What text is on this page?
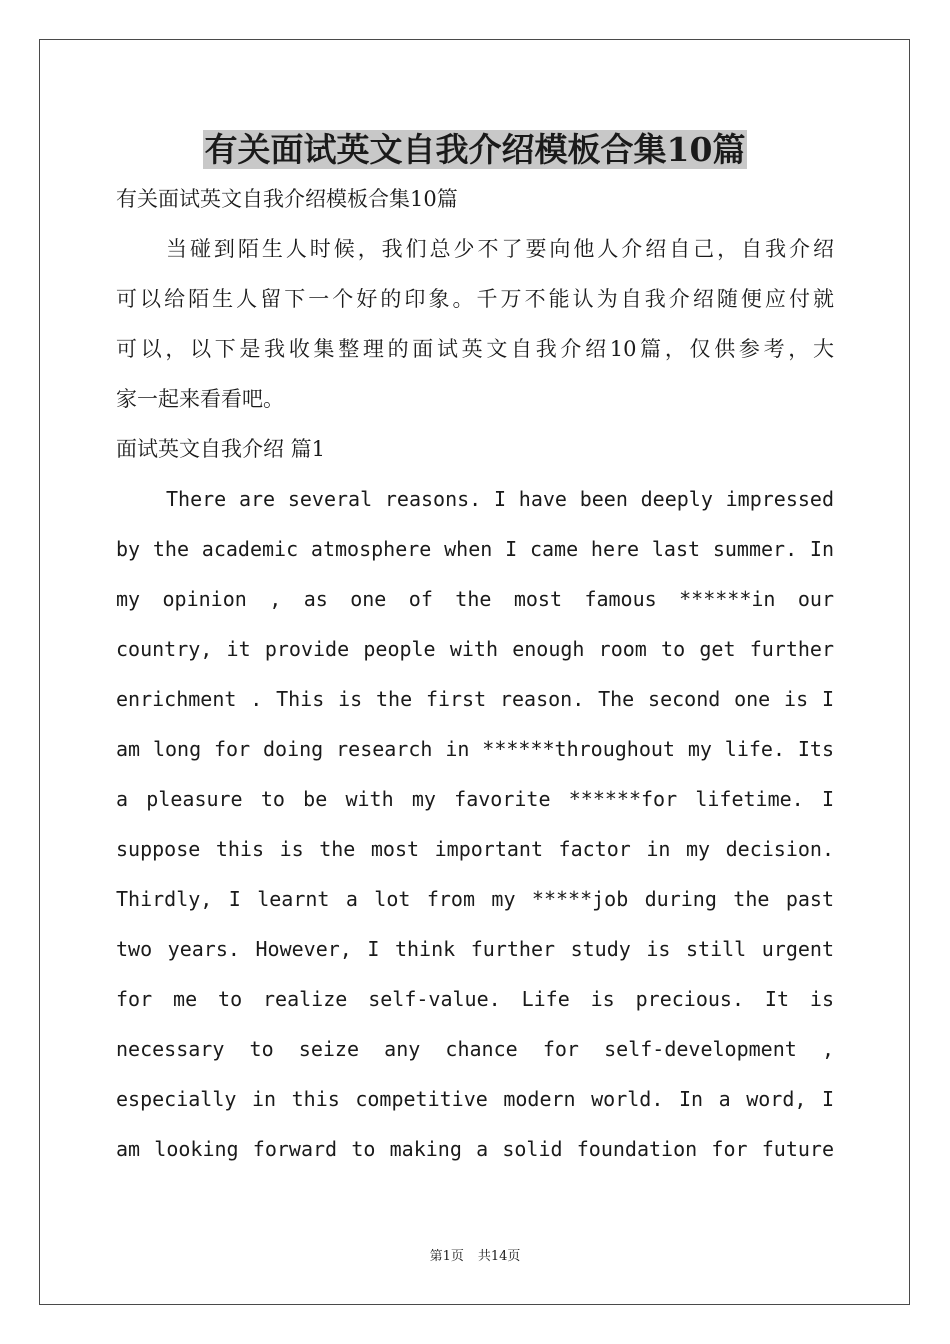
有关面试英文自我介绍模板合集10篇
有关面试英文自我介绍模板合集10篇
当碰到陌生人时候，我们总少不了要向他人介绍自己，自我介绍
可以给陌生人留下一个好的印象。千万不能认为自我介绍随便应付就
可以，以下是我收集整理的面试英文自我介绍10篇，仅供参考，大
家一起来看看吧。
面试英文自我介绍 篇1
There are several reasons. I have been deeply impressed
by the academic atmosphere when I came here last summer. In
my opinion , as one of the most famous ******in our
country, it provide people with enough room to get further
enrichment . This is the first reason. The second one is I
am long for doing research in ******throughout my life. Its
a pleasure to be with my favorite ******for lifetime. I
suppose this is the most important factor in my decision.
Thirdly, I learnt a lot from my *****job during the past
two years. However, I think further study is still urgent
for me to realize self-value. Life is precious. It is
necessary to seize any chance for self-development ,
especially in this competitive modern world. In a word, I
am looking forward to making a solid foundation for future
第1页 共14页
